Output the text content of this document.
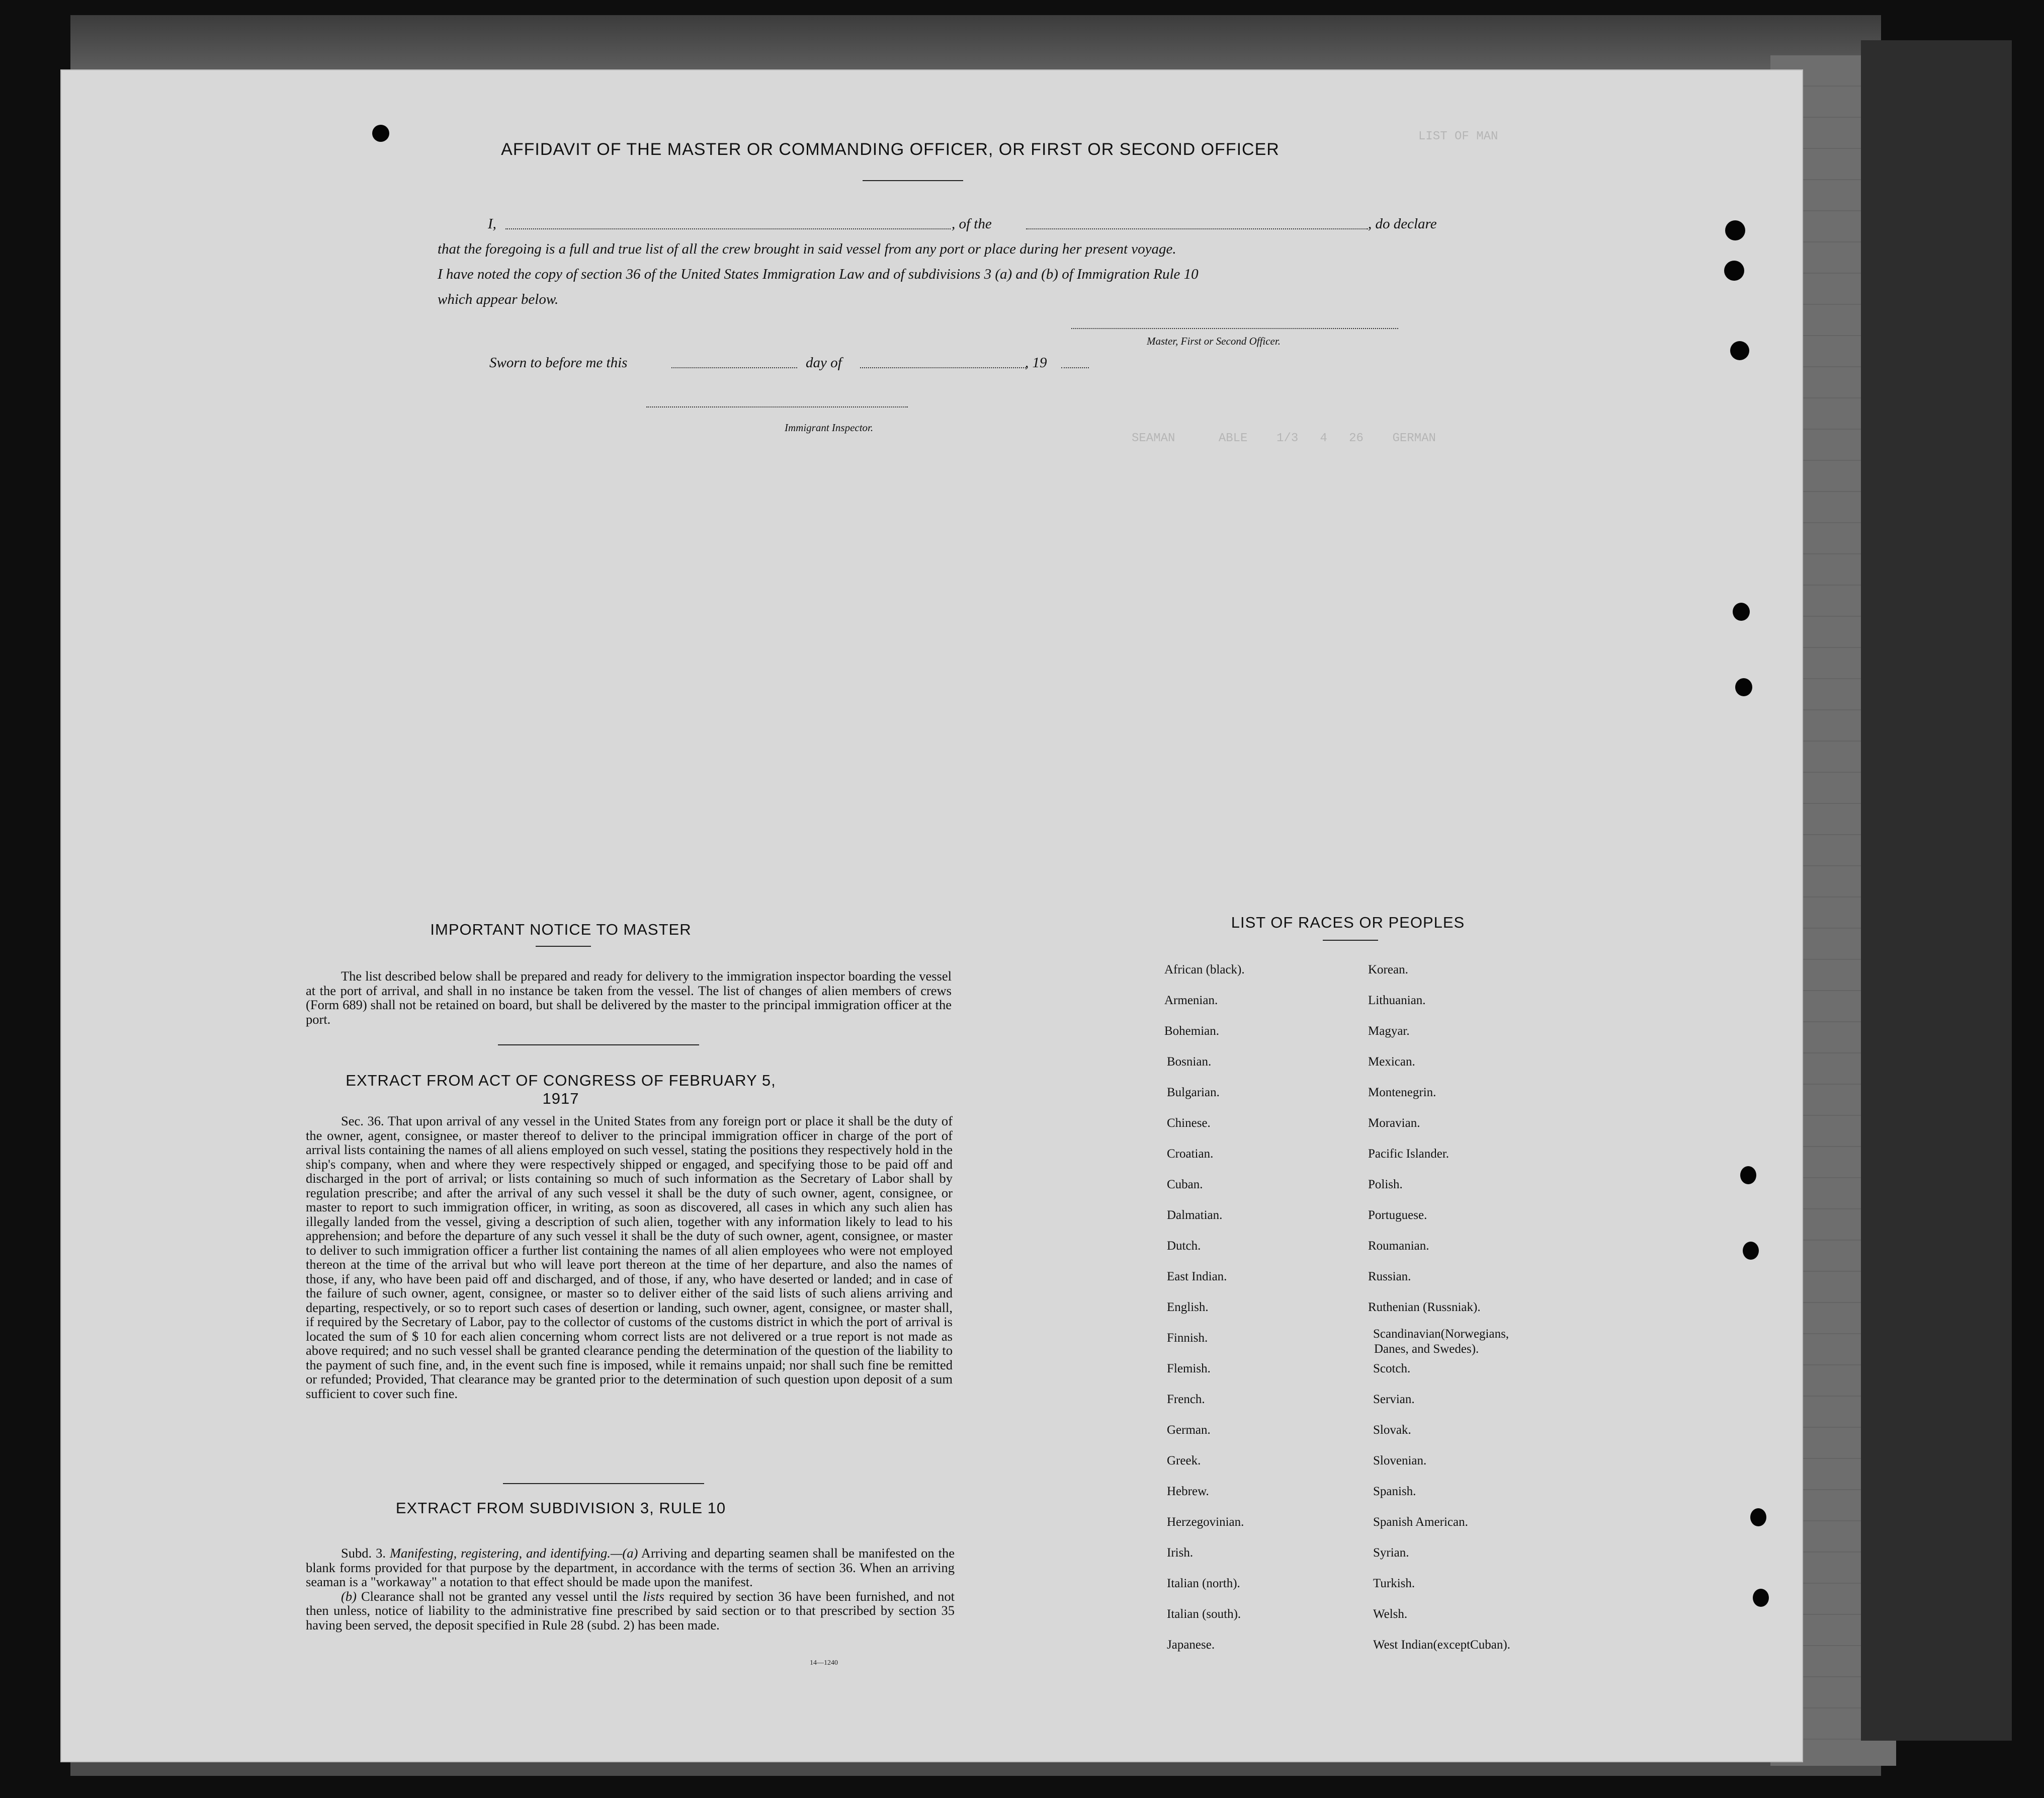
SEAMAN      ABLE    1/3   4   26    GERMAN
LIST OF MAN
AFFIDAVIT OF THE MASTER OR COMMANDING OFFICER, OR FIRST OR SECOND OFFICER
I,	, of the	, do declare
that the foregoing is a full and true list of all the crew brought in said vessel from any port or place during her present voyage.
I have noted the copy of section 36 of the United States Immigration Law and of subdivisions 3 (a) and (b) of Immigration Rule 10
which appear below.
Master, First or Second Officer.
Sworn to before me this	day of	, 19
Immigrant Inspector.
IMPORTANT NOTICE TO MASTER

The list described below shall be prepared and ready for delivery to the immigration inspector boarding the vessel at the port of arrival, and shall in no instance be taken from the vessel. The list of changes of alien members of crews (Form 689) shall not be retained on board, but shall be delivered by the master to the principal immigration officer at the port.

EXTRACT FROM ACT OF CONGRESS OF FEBRUARY 5, 1917

Sec. 36. That upon arrival of any vessel in the United States from any foreign port or place it shall be the duty of the owner, agent, consignee, or master thereof to deliver to the principal immigration officer in charge of the port of arrival lists containing the names of all aliens employed on such vessel, stating the positions they respectively hold in the ship's company, when and where they were respectively shipped or engaged, and specifying those to be paid off and discharged in the port of arrival; or lists containing so much of such information as the Secretary of Labor shall by regulation prescribe; and after the arrival of any such vessel it shall be the duty of such owner, agent, consignee, or master to report to such immigration officer, in writing, as soon as discovered, all cases in which any such alien has illegally landed from the vessel, giving a description of such alien, together with any information likely to lead to his apprehension; and before the departure of any such vessel it shall be the duty of such owner, agent, consignee, or master to deliver to such immigration officer a further list containing the names of all alien employees who were not employed thereon at the time of the arrival but who will leave port thereon at the time of her departure, and also the names of those, if any, who have been paid off and discharged, and of those, if any, who have deserted or landed; and in case of the failure of such owner, agent, consignee, or master so to deliver either of the said lists of such aliens arriving and departing, respectively, or so to report such cases of desertion or landing, such owner, agent, consignee, or master shall, if required by the Secretary of Labor, pay to the collector of customs of the customs district in which the port of arrival is located the sum of $ 10 for each alien concerning whom correct lists are not delivered or a true report is not made as above required; and no such vessel shall be granted clearance pending the determination of the question of the liability to the payment of such fine, and, in the event such fine is imposed, while it remains unpaid; nor shall such fine be remitted or refunded; Provided, That clearance may be granted prior to the determination of such question upon deposit of a sum sufficient to cover such fine.

EXTRACT FROM SUBDIVISION 3, RULE 10

Subd. 3. Manifesting, registering, and identifying.—(a) Arriving and departing seamen shall be manifested on the blank forms provided for that purpose by the department, in accordance with the terms of section 36. When an arriving seaman is a "workaway" a notation to that effect should be made upon the manifest.

(b) Clearance shall not be granted any vessel until the lists required by section 36 have been furnished, and not then unless, notice of liability to the administrative fine prescribed by said section or to that prescribed by section 35 having been served, the deposit specified in Rule 28 (subd. 2) has been made.

14—1240
LIST OF RACES OR PEOPLES
Danes, and Swedes).
African (black).
Armenian.
Bohemian.
Bosnian.
Bulgarian.
Chinese.
Croatian.
Cuban.
Dalmatian.
Dutch.
East Indian.
English.
Finnish.
Flemish.
French.
German.
Greek.
Hebrew.
Herzegovinian.
Irish.
Italian (north).
Italian (south).
Japanese.
Korean.
Lithuanian.
Magyar.
Mexican.
Montenegrin.
Moravian.
Pacific Islander.
Polish.
Portuguese.
Roumanian.
Russian.
Ruthenian (Russniak).
Scandinavian(Norwegians,
Scotch.
Servian.
Slovak.
Slovenian.
Spanish.
Spanish American.
Syrian.
Turkish.
Welsh.
West Indian(exceptCuban).
